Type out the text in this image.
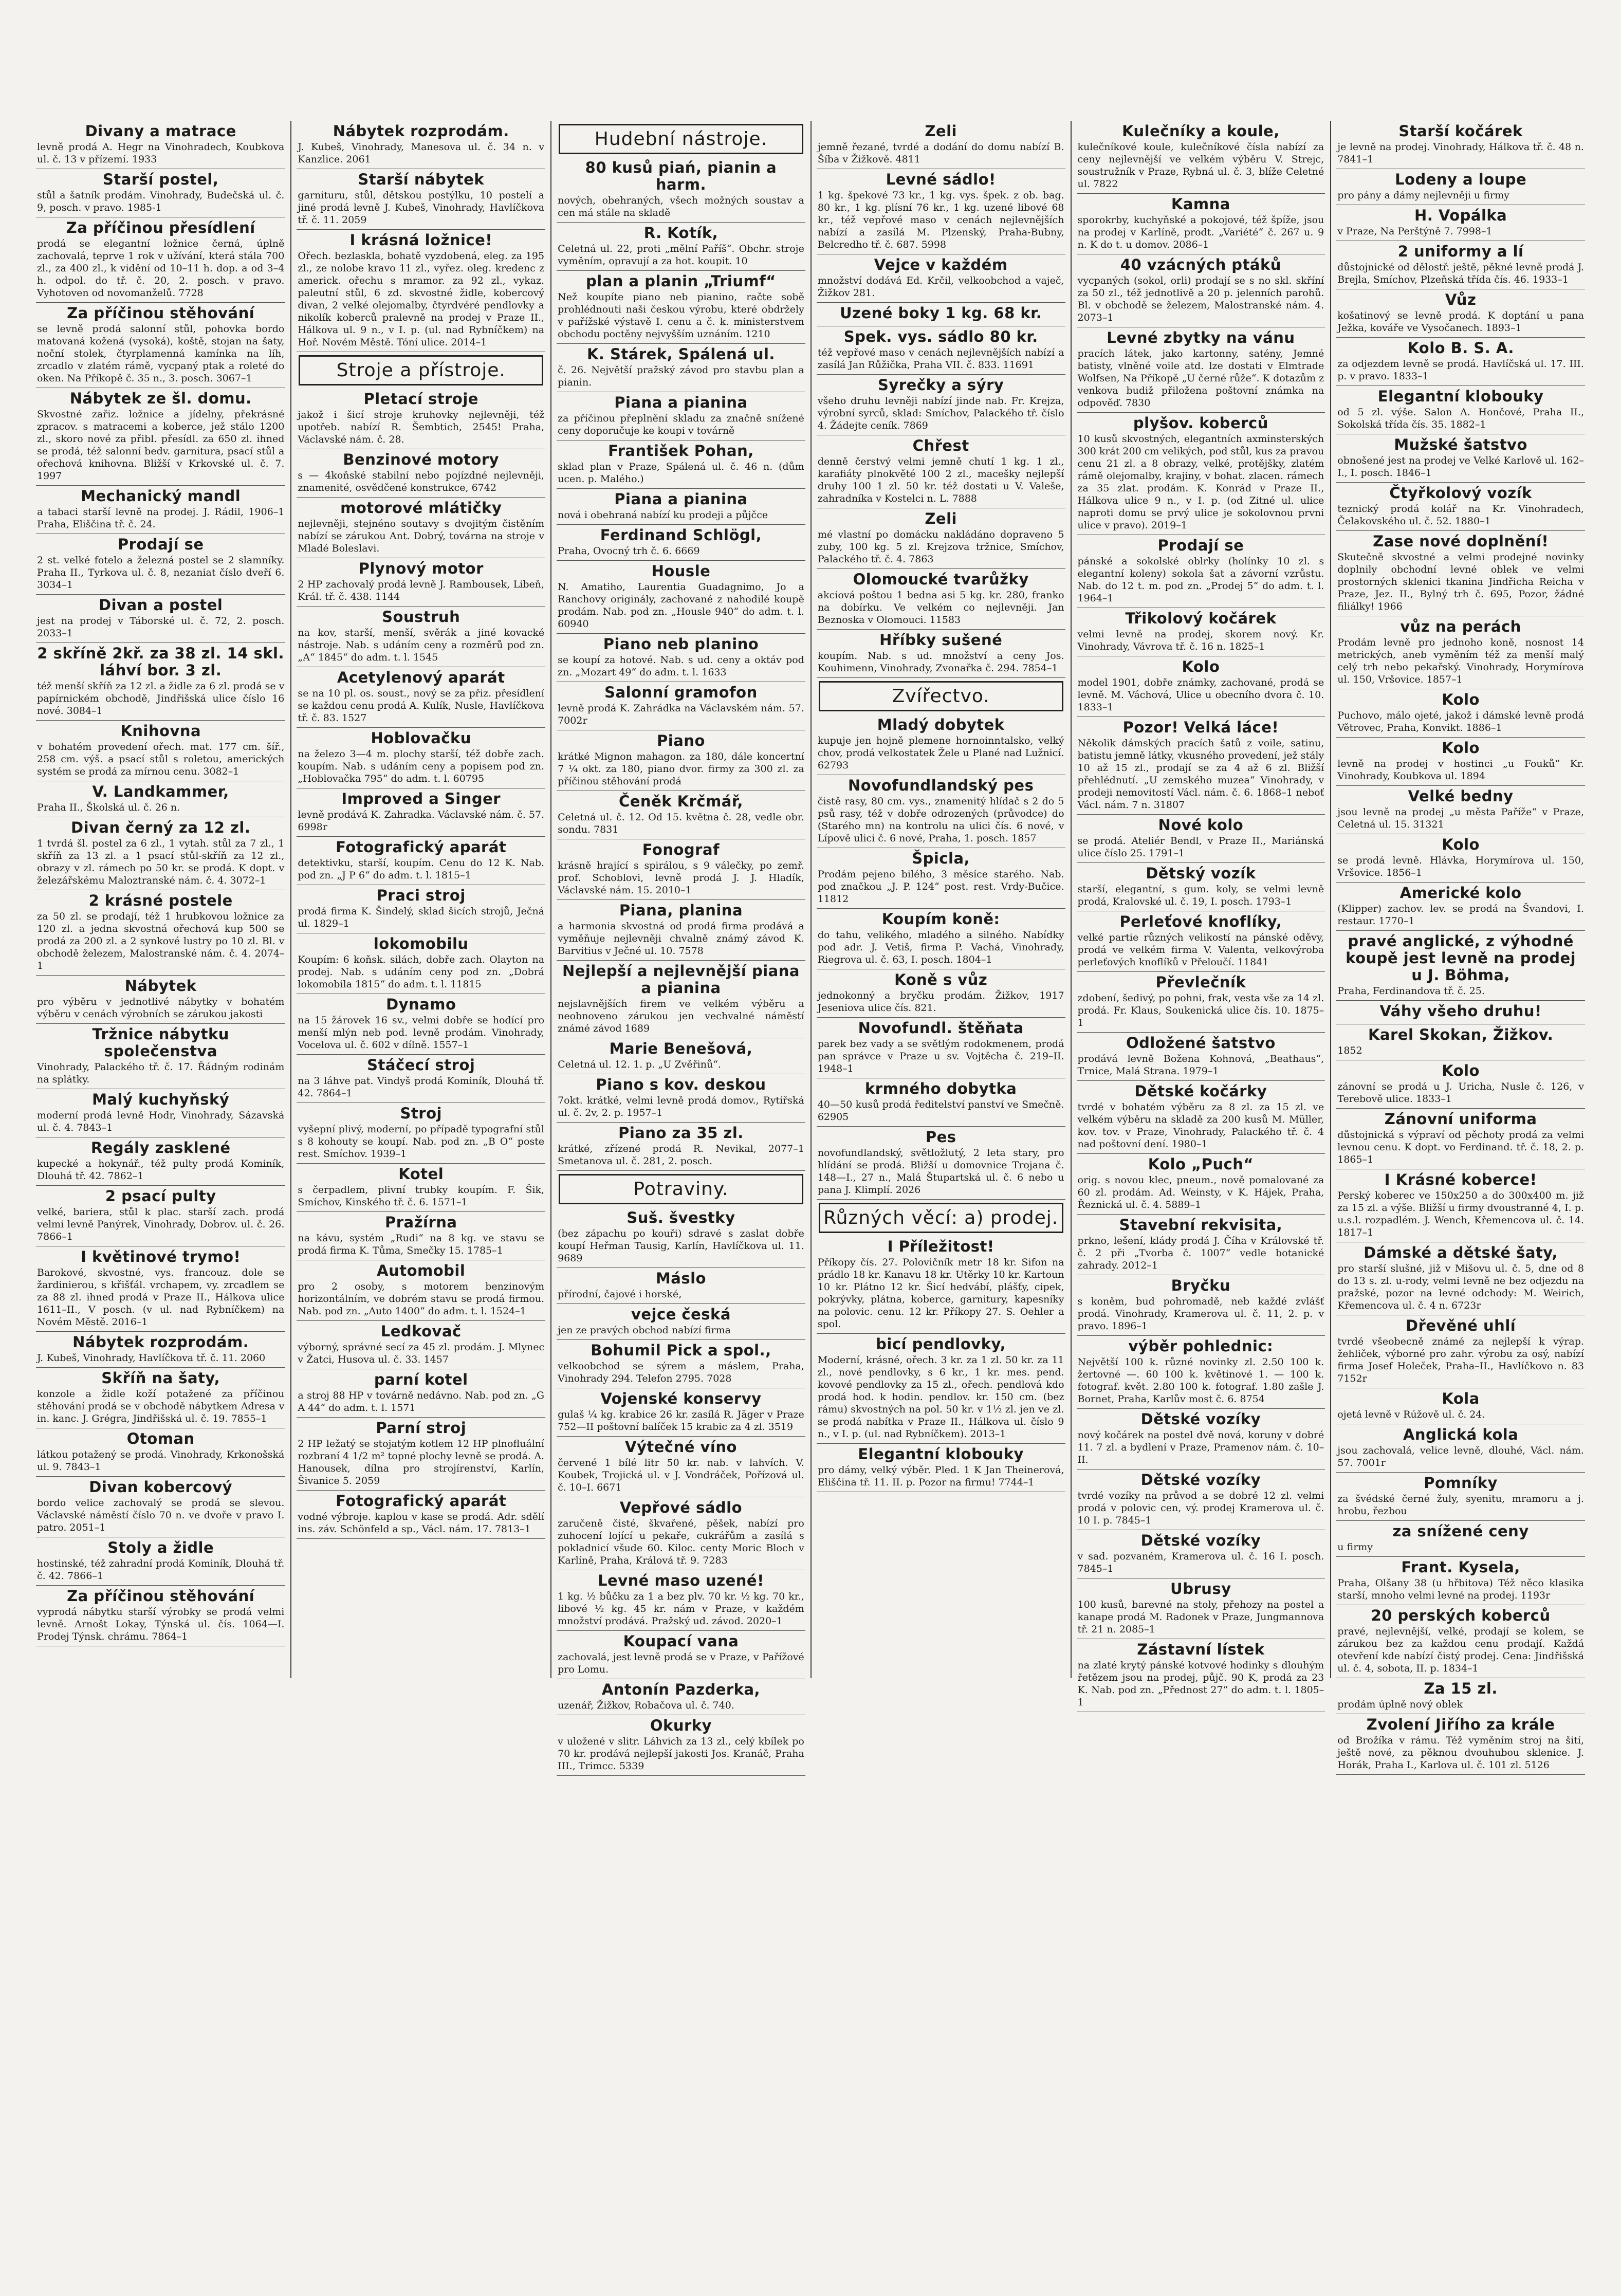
Divany a matrace
levně prodá A. Hegr na Vinohradech, Koubkova ul. č. 13 v přízemí. 1933
Starší postel,
stůl a šatník prodám. Vinohrady, Budečská ul. č. 9, posch. v pravo. 1985-1
Za příčinou přesídlení
prodá se elegantní ložnice černá, úplně zachovalá, teprve 1 rok v užívání, která stála 700 zl., za 400 zl., k vidění od 10–11 h. dop. a od 3–4 h. odpol. do tř. č. 20, 2. posch. v pravo. Vyhotoven od novomanželů. 7728
Za příčinou stěhování
se levně prodá salonní stůl, pohovka bordo matovaná kožená (vysoká), koště, stojan na šaty, noční stolek, čtyrplamenná kamínka na líh, zrcadlo v zlatém rámě, vycpaný ptak a roleté do oken. Na Příkopě č. 35 n., 3. posch. 3067–1
Nábytek ze šl. domu.
Skvostné zařiz. ložnice a jídelny, překrásné zpracov. s matracemi a koberce, jež stálo 1200 zl., skoro nové za přibl. přesídl. za 650 zl. ihned se prodá, též salonní bedv. garnitura, psací stůl a ořechová knihovna. Bližší v Krkovské ul. č. 7. 1997
Mechanický mandl
a tabaci starší levně na prodej. J. Rádil, 1906–1 Praha, Eliščina tř. č. 24.
Prodají se
2 st. velké fotelo a železná postel se 2 slamníky. Praha II., Tyrkova ul. č. 8, nezaniat číslo dveří 6. 3034–1
Divan a postel
jest na prodej v Táborské ul. č. 72, 2. posch. 2033–1
2 skříně 2kř. za 38 zl. 14 skl. láhví bor. 3 zl.
též menší skříň za 12 zl. a židle za 6 zl. prodá se v papírnickém obchodě, Jindřišská ulice číslo 16 nové. 3084–1
Knihovna
v bohatém provedení ořech. mat. 177 cm. šíř., 258 cm. výš. a psací stůl s roletou, amerických systém se prodá za mírnou cenu. 3082–1
V. Landkammer,
Praha II., Školská ul. č. 26 n.
Divan černý za 12 zl.
1 tvrdá šl. postel za 6 zl., 1 vytah. stůl za 7 zl., 1 skříň za 13 zl. a 1 psací stůl-skříň za 12 zl., obrazy v zl. rámech po 50 kr. se prodá. K dopt. v železářskému Maloztranské nám. č. 4. 3072–1
2 krásné postele
za 50 zl. se prodají, též 1 hrubkovou ložnice za 120 zl. a jedna skvostná ořechová kup 500 se prodá za 200 zl. a 2 synkové lustry po 10 zl. Bl. v obchodě železem, Malostranské nám. č. 4. 2074–1
Nábytek
pro výběru v jednotlivé nábytky v bohatém výběru v cenách výrobních se zárukou jakosti
Tržnice nábytku společenstva
Vinohrady, Palackého tř. č. 17. Řádným rodinám na splátky.
Malý kuchyňský
moderní prodá levně Hodr, Vinohrady, Sázavská ul. č. 4. 7843–1
Regály zasklené
kupecké a hokynář., též pulty prodá Kominík, Dlouhá tř. 42. 7862–1
2 psací pulty
velké, bariera, stůl k plac. starší zach. prodá velmi levně Panýrek, Vinohrady, Dobrov. ul. č. 26. 7866–1
I květinové trymo!
Barokové, skvostné, vys. francouz. dole se žardinierou, s křišťál. vrchapem, vy. zrcadlem se za 88 zl. ihned prodá v Praze II., Hálkova ulice 1611–II., V posch. (v ul. nad Rybníčkem) na Novém Městě. 2016–1
Nábytek rozprodám.
J. Kubeš, Vinohrady, Havlíčkova tř. č. 11. 2060
Skříň na šaty,
konzole a židle koží potažené za příčinou stěhování prodá se v obchodě nábytkem Adresa v in. kanc. J. Grégra, Jindřišská ul. č. 19. 7855–1
Otoman
látkou potažený se prodá. Vinohrady, Krkonošská ul. 9. 7843–1
Divan kobercový
bordo velice zachovalý se prodá se slevou. Václavské náměstí číslo 70 n. ve dvoře v pravo I. patro. 2051–1
Stoly a židle
hostinské, též zahradní prodá Kominík, Dlouhá tř. č. 42. 7866–1
Za příčinou stěhování
vyprodá nábytku starší výrobky se prodá velmi levně. Arnošt Lokay, Týnská ul. čís. 1064—I. Prodej Týnsk. chrámu. 7864–1
Nábytek rozprodám.
J. Kubeš, Vinohrady, Manesova ul. č. 34 n. v Kanzlice. 2061
Starší nábytek
garnituru, stůl, dětskou postýlku, 10 postelí a jiné prodá levně J. Kubeš, Vinohrady, Havlíčkova tř. č. 11. 2059
I krásná ložnice!
Ořech. bezlaskla, bohatě vyzdobená, eleg. za 195 zl., ze nolobe kravo 11 zl., vyřez. oleg. kredenc z americk. ořechu s mramor. za 92 zl., vykaz. paleutní stůl, 6 zd. skvostné židle, kobercový divan, 2 velké olejomalby, čtyrdvéré pendlovky a nikolík koberců pralevně na prodej v Praze II., Hálkova ul. 9 n., v I. p. (ul. nad Rybníčkem) na Hoř. Novém Městě. Tóní ulice. 2014–1
Stroje a přístroje.
Pletací stroje
jakož i šicí stroje kruhovky nejlevněji, též upotřeb. nabízí R. Šembtich, 2545! Praha, Václavské nám. č. 28.
Benzinové motory
s — 4koňské stabilní nebo pojízdné nejlevněji, znamenité, osvědčené konstrukce, 6742
motorové mlátičky
nejlevněji, stejnéno soutavy s dvojitým čistěním nabízí se zárukou Ant. Dobrý, továrna na stroje v Mladé Boleslavi.
Plynový motor
2 HP zachovalý prodá levně J. Rambousek, Libeň, Král. tř. č. 438. 1144
Soustruh
na kov, starší, menší, svěrák a jiné kovacké nástroje. Nab. s udáním ceny a rozměrů pod zn. „A“ 1845“ do adm. t. l. 1545
Acetylenový aparát
se na 10 pl. os. soust., nový se za přiz. přesídlení se každou cenu prodá A. Kulík, Nusle, Havlíčkova tř. č. 83. 1527
Hoblovačku
na železo 3—4 m. plochy starší, též dobře zach. koupím. Nab. s udáním ceny a popisem pod zn. „Hoblovačka 795“ do adm. t. l. 60795
Improved a Singer
levně prodává K. Zahradka. Václavské nám. č. 57. 6998r
Fotografický aparát
detektivku, starší, koupím. Cenu do 12 K. Nab. pod zn. „J P 6“ do adm. t. l. 1815–1
Praci stroj
prodá firma K. Šindelý, sklad šicích strojů, Ječná ul. 1829–1
lokomobilu
Koupím: 6 koňsk. silách, dobře zach. Olayton na prodej. Nab. s udáním ceny pod zn. „Dobrá lokomobila 1815“ do adm. t. l. 11815
Dynamo
na 15 žárovek 16 sv., velmi dobře se hodící pro menší mlýn neb pod. levně prodám. Vinohrady, Vocelova ul. č. 602 v dílně. 1557–1
Stáčecí stroj
na 3 láhve pat. Vindyš prodá Kominík, Dlouhá tř. 42. 7864–1
Stroj
vyšepní plivý, moderní, po případě typografní stůl s 8 kohouty se koupí. Nab. pod zn. „B O“ poste rest. Smíchov. 1939–1
Kotel
s čerpadlem, plivní trubky koupím. F. Šik, Smíchov, Kinského tř. č. 6. 1571–1
Pražírna
na kávu, systém „Rudi“ na 8 kg. ve stavu se prodá firma K. Tůma, Smečky 15. 1785–1
Automobil
pro 2 osoby, s motorem benzinovým horizontálním, ve dobrém stavu se prodá firmou. Nab. pod zn. „Auto 1400“ do adm. t. l. 1524–1
Ledkovač
výborný, správné secí za 45 zl. prodám. J. Mlynec v Žatci, Husova ul. č. 33. 1457
parní kotel
a stroj 88 HP v továrně nedávno. Nab. pod zn. „G A 44“ do adm. t. l. 1571
Parní stroj
2 HP ležatý se stojatým kotlem 12 HP plnofluální rozbraní 4 1/2 m² topné plochy levně se prodá. A. Hanousek, dílna pro strojírenství, Karlín, Šivanice 5. 2059
Fotografický aparát
vodné výbroje. kaplou v kase se prodá. Adr. sdělí ins. záv. Schönfeld a sp., Václ. nám. 17. 7813–1
Hudební nástroje.
80 kusů piań, pianin a harm.
nových, obehraných, všech možných soustav a cen má stále na skladě
R. Kotík,
Celetná ul. 22, proti „mělní Paříš“. Obchr. stroje vyměním, opravují a za hot. koupit. 10
plan a planin „Triumf“
Než koupíte piano neb pianino, račte sobě prohlédnouti naši českou výrobu, které obdržely v pařížské výstavě I. cenu a č. k. ministerstvem obchodu poctěny nejvyšším uznáním. 1210
K. Stárek, Spálená ul.
č. 26. Největší pražský závod pro stavbu plan a pianin.
Piana a pianina
za příčinou přeplnění skladu za značně snížené ceny doporučuje ke koupi v továrně
František Pohan,
sklad plan v Praze, Spálená ul. č. 46 n. (dům ucen. p. Malého.)
Piana a pianina
nová i obehraná nabízí ku prodeji a půjčce
Ferdinand Schlögl,
Praha, Ovocný trh č. 6. 6669
Housle
N. Amatiho, Laurentia Guadagnimo, Jo a Ranchovy originály, zachované z nahodilé koupě prodám. Nab. pod zn. „Housle 940“ do adm. t. l. 60940
Piano neb planino
se koupí za hotové. Nab. s ud. ceny a oktáv pod zn. „Mozart 49“ do adm. t. l. 1633
Salonní gramofon
levně prodá K. Zahrádka na Václavském nám. 57. 7002r
Piano
krátké Mignon mahagon. za 180, dále koncertní 7 ¼ okt. za 180, piano dvor. firmy za 300 zl. za příčinou stěhování prodá
Čeněk Krčmář,
Celetná ul. č. 12. Od 15. května č. 28, vedle obr. sondu. 7831
Fonograf
krásně hrající s spirálou, s 9 válečky, po zemř. prof. Schoblovi, levně prodá J. J. Hladík, Václavské nám. 15. 2010–1
Piana, planina
a harmonia skvostná od prodá firma prodává a vyměňuje nejlevněji chvalně známý závod K. Barvitius v Ječné ul. 10. 7578
Nejlepší a nejlevnější piana a pianina
nejslavnějších firem ve velkém výběru a neobnoveno zárukou jen vechvalné náměstí známé závod 1689
Marie Benešová,
Celetná ul. 12. 1. p. „U Zvěřinů“.
Piano s kov. deskou
7okt. krátké, velmi levně prodá domov., Rytířská ul. č. 2v, 2. p. 1957–1
Piano za 35 zl.
krátké, zřízené prodá R. Nevikal, 2077–1 Smetanova ul. č. 281, 2. posch.
Potraviny.
Suš. švestky
(bez zápachu po kouři) sdravé s zaslat dobře koupí Heřman Tausig, Karlín, Havlíčkova ul. 11. 9689
Máslo
přírodní, čajové i horské,
vejce česká
jen ze pravých obchod nabízí firma
Bohumil Pick a spol.,
velkoobchod se sýrem a máslem, Praha, Vinohrady 294. Telefon 2795. 7028
Vojenské konservy
gulaš ¼ kg. krabice 26 kr. zasílá R. Jäger v Praze 752—II poštovní balíček 15 krabic za 4 zl. 3519
Výtečné víno
červené 1 bílé litr 50 kr. nab. v lahvích. V. Koubek, Trojická ul. v J. Vondráček, Pořízová ul. č. 10–I. 6671
Vepřové sádlo
zaručeně čisté, škvařené, pěšek, nabízí pro zuhocení lojící u pekaře, cukrářům a zasílá s pokladnicí všude 60. Kiloc. centy Moric Bloch v Karlíně, Praha, Králová tř. 9. 7283
Levné maso uzené!
1 kg. ½ bůčku za 1 a bez plv. 70 kr. ½ kg. 70 kr., libové ½ kg. 45 kr. nám v Praze, v každém množství prodává. Pražský ud. závod. 2020–1
Koupací vana
zachovalá, jest levně prodá se v Praze, v Pařížové pro Lomu.
Antonín Pazderka,
uzenář, Žižkov, Robačova ul. č. 740.
Okurky
v uložené v slitr. Láhvich za 13 zl., celý kbílek po 70 kr. prodává nejlepší jakosti Jos. Kranáč, Praha III., Trimcc. 5339
Zeli
jemně řezané, tvrdé a dodání do domu nabízí B. Šíba v Žižkově. 4811
Levné sádlo!
1 kg. špekové 73 kr., 1 kg. vys. špek. z ob. bag. 80 kr., 1 kg. plísní 76 kr., 1 kg. uzené libové 68 kr., též vepřové maso v cenách nejlevnějších nabízí a zasílá M. Plzenský, Praha-Bubny, Belcredho tř. č. 687. 5998
Vejce v každém
množství dodává Ed. Krčil, velkoobchod a vaječ, Žižkov 281.
Uzené boky 1 kg. 68 kr.
Spek. vys. sádlo 80 kr.
též vepřové maso v cenách nejlevnějších nabízí a zasílá Jan Růžička, Praha VII. č. 833. 11691
Syrečky a sýry
všeho druhu levněji nabízí jinde nab. Fr. Krejza, výrobní syrců, sklad: Smíchov, Palackého tř. číslo 4. Žádejte ceník. 7869
Chřest
denně čerstvý velmi jemně chutí 1 kg. 1 zl., karafiáty plnokvěté 100 2 zl., macešky nejlepší druhy 100 1 zl. 50 kr. též dostati u V. Valeše, zahradníka v Kostelci n. L. 7888
Zeli
mé vlastní po domácku nakládáno dopraveno 5 zuby, 100 kg. 5 zl. Krejzova tržnice, Smíchov, Palackého tř. č. 4. 7863
Olomoucké tvarůžky
akciová poštou 1 bedna asi 5 kg. kr. 280, franko na dobírku. Ve velkém co nejlevněji. Jan Beznoska v Olomouci. 11583
Hříbky sušené
koupím. Nab. s ud. množství a ceny Jos. Kouhimenn, Vinohrady, Zvonařka č. 294. 7854–1
Zvířectvo.
Mladý dobytek
kupuje jen hojně plemene hornoinntalsko, velký chov, prodá velkostatek Žele u Plané nad Lužnicí. 62793
Novofundlandský pes
čistě rasy, 80 cm. vys., znamenitý hlídač s 2 do 5 psů rasy, též v dobře odrozených (průvodce) do (Starého mn) na kontrolu na ulici čís. 6 nové, v Lípově ulici č. 6 nové, Praha, 1. posch. 1857
Špicla,
Prodám pejeno bilého, 3 měsíce starého. Nab. pod značkou „J. P. 124“ post. rest. Vrdy-Bučice. 11812
Koupím koně:
do tahu, velikého, mladého a silného. Nabídky pod adr. J. Vetiš, firma P. Vachá, Vinohrady, Riegrova ul. č. 63, I. posch. 1804–1
Koně s vůz
jednokonný a bryčku prodám. Žižkov, 1917 Jeseniova ulice čís. 821.
Novofundl. štěňata
parek bez vady a se světlým rodokmenem, prodá pan správce v Praze u sv. Vojtěcha č. 219–II. 1948–1
krmného dobytka
40—50 kusů prodá ředitelství panství ve Smečně. 62905
Pes
novofundlandský, světložlutý, 2 leta stary, pro hlídání se prodá. Bližší u domovnice Trojana č. 148—I., 27 n., Malá Štupartská ul. č. 6 nebo u pana J. Klimplí. 2026
Různých věcí: a) prodej.
I Příležitost!
Příkopy čís. 27. Polovičník metr 18 kr. Sifon na prádlo 18 kr. Kanavu 18 kr. Utěrky 10 kr. Kartoun 10 kr. Plátno 12 kr. Šicí hedvábí, plášťy, cipek, pokrývky, plátna, koberce, garnitury, kapesníky na polovic. cenu. 12 kr. Příkopy 27. S. Oehler a spol.
bicí pendlovky,
Moderní, krásné, ořech. 3 kr. za 1 zl. 50 kr. za 11 zl., nové pendlovky, s 6 kr., 1 kr. mes. pend. kovové pendlovky za 15 zl., ořech. pendlová kdo prodá hod. k hodin. pendlov. kr. 150 cm. (bez rámu) skvostných na pol. 50 kr. v 1½ zl. jen ve zl. se prodá nabítka v Praze II., Hálkova ul. číslo 9 n., v I. p. (ul. nad Rybníčkem). 2013–1
Elegantní klobouky
pro dámy, velký výběr. Pled. 1 K Jan Theinerová, Eliščina tř. 11. II. p. Pozor na firmu! 7744–1
Kulečníky a koule,
kulečníkové koule, kulečníkové čísla nabízí za ceny nejlevnější ve velkém výběru V. Strejc, soustružník v Praze, Rybná ul. č. 3, blíže Celetné ul. 7822
Kamna
sporokrby, kuchyňské a pokojové, též špíže, jsou na prodej v Karlíně, prodt. „Variété“ č. 267 u. 9 n. K do t. u domov. 2086–1
40 vzácných ptáků
vycpaných (sokol, orli) prodají se s no skl. skříní za 50 zl., též jednotlivě a 20 p. jelenních parohů. Bl. v obchodě se železem, Malostranské nám. 4. 2073–1
Levné zbytky na vánu
pracích látek, jako kartonny, satény, Jemné batisty, vlněné voile atd. lze dostati v Elmtrade Wolfsen, Na Příkopě „U černé růže“. K dotazům z venkova budiž přiložena poštovní známka na odpověď. 7830
plyšov. koberců
10 kusů skvostných, elegantních axminsterských 300 krát 200 cm velikých, pod stůl, kus za pravou cenu 21 zl. a 8 obrazy, velké, protějšky, zlatém rámě olejomalby, krajiny, v bohat. zlacen. rámech za 35 zlat. prodám. K. Konrád v Praze II., Hálkova ulice 9 n., v I. p. (od Zitné ul. ulice naproti domu se prvý ulice je sokolovnou prvni ulice v pravo). 2019–1
Prodají se
pánské a sokolské oblrky (holínky 10 zl. s elegantní koleny) sokola šat a závorní vzrůstu. Nab. do 12 t. m. pod zn. „Prodej 5“ do adm. t. l. 1964–1
Třikolový kočárek
velmi levně na prodej, skorem nový. Kr. Vinohrady, Vávrova tř. č. 16 n. 1825–1
Kolo
model 1901, dobře známky, zachované, prodá se levně. M. Váchová, Ulice u obecního dvora č. 10. 1833–1
Pozor! Velká láce!
Několik dámských pracích šatů z voile, satinu, batistu jemně látky, vkusného provedení, jež stály 10 až 15 zl., prodají se za 4 až 6 zl. Bližší přehlédnutí. „U zemského muzea“ Vinohrady, v prodeji nemovitostí Václ. nám. č. 6. 1868–1 neboť Václ. nám. 7 n. 31807
Nové kolo
se prodá. Ateliér Bendl, v Praze II., Mariánská ulice číslo 25. 1791–1
Dětský vozík
starší, elegantní, s gum. koly, se velmi levně prodá, Kralovské ul. č. 19, I. posch. 1793–1
Perleťové knoflíky,
velké partie různých velikostí na pánské oděvy, prodá ve velkém firma V. Valenta, velkovýroba perleťových knoflíků v Přeloučí. 11841
Převlečník
zdobení, šedivý, po pohni, frak, vesta vše za 14 zl. prodá. Fr. Klaus, Soukenická ulice čís. 10. 1875–1
Odložené šatstvo
prodává levně Božena Kohnová, „Beathaus“, Trnice, Malá Strana. 1979–1
Dětské kočárky
tvrdé v bohatém výběru za 8 zl. za 15 zl. ve velkém výběru na skladě za 200 kusů M. Müller, kov. tov. v Praze, Vinohrady, Palackého tř. č. 4 nad poštovní dení. 1980–1
Kolo „Puch“
orig. s novou klec, pneum., nově pomalované za 60 zl. prodám. Ad. Weinsty, v K. Hájek, Praha, Řeznická ul. č. 4. 5889–1
Stavební rekvisita,
prkno, lešení, klády prodá J. Číha v Královské tř. č. 2 při „Tvorba č. 1007“ vedle botanické zahrady. 2012–1
Bryčku
s koněm, bud pohromadě, neb každé zvlášť prodá. Vinohrady, Kramerova ul. č. 11, 2. p. v pravo. 1896–1
výběr pohlednic:
Největší 100 k. různé novinky zl. 2.50 100 k. žertovné —. 60 100 k. květinové 1. — 100 k. fotograf. květ. 2.80 100 k. fotograf. 1.80 zašle J. Bornet, Praha, Karlův most č. 6. 8754
Dětské vozíky
nový kočárek na postel dvě nová, koruny v dobré 11. 7 zl. a bydlení v Praze, Pramenov nám. č. 10–II.
Dětské vozíky
tvrdé vozíky na průvod a se dobré 12 zl. velmi prodá v polovic cen, vý. prodej Kramerova ul. č. 10 I. p. 7845–1
Dětské vozíky
v sad. pozvaném, Kramerova ul. č. 16 I. posch. 7845–1
Ubrusy
100 kusů, barevné na stoly, přehozy na postel a kanape prodá M. Radonek v Praze, Jungmannova tř. 21 n. 2085–1
Zástavní lístek
na zlaté krytý pánské kotvové hodinky s dlouhým řetězem jsou na prodej, půjč. 90 K, prodá za 23 K. Nab. pod zn. „Přednost 27“ do adm. t. l. 1805–1
Starší kočárek
je levně na prodej. Vinohrady, Hálkova tř. č. 48 n. 7841–1
Lodeny a loupe
pro pány a dámy nejlevněji u firmy
H. Vopálka
v Praze, Na Perštýně 7. 7998–1
2 uniformy a lí
důstojnické od dělostř. ještě, pěkné levně prodá J. Brejla, Smíchov, Plzeňská třída čís. 46. 1933–1
Vůz
košatinový se levně prodá. K doptání u pana Ježka, kováře ve Vysočanech. 1893–1
Kolo B. S. A.
za odjezdem levně se prodá. Havlíčská ul. 17. III. p. v pravo. 1833–1
Elegantní klobouky
od 5 zl. výše. Salon A. Hončové, Praha II., Sokolská třída čís. 35. 1882–1
Mužské šatstvo
obnošené jest na prodej ve Velké Karlově ul. 162–I., I. posch. 1846–1
Čtyřkolový vozík
teznický prodá kolář na Kr. Vinohradech, Čelakovského ul. č. 52. 1880–1
Zase nové doplnění!
Skutečně skvostné a velmi prodejné novinky doplnily obchodní levné oblek ve velmi prostorných sklenici tkanina Jindřicha Reicha v Praze, Jez. II., Bylný trh č. 695, Pozor, žádné filiálky! 1966
vůz na perách
Prodám levně pro jednoho koně, nosnost 14 metrických, aneb vyměním též za menší malý celý trh nebo pekařský. Vinohrady, Horymírova ul. 150, Vršovice. 1857–1
Kolo
Puchovo, málo ojeté, jakož i dámské levně prodá Větrovec, Praha, Konvikt. 1886–1
Kolo
levně na prodej v hostinci „u Fouků“ Kr. Vinohrady, Koubkova ul. 1894
Velké bedny
jsou levně na prodej „u města Paříže“ v Praze, Celetná ul. 15. 31321
Kolo
se prodá levně. Hlávka, Horymírova ul. 150, Vršovice. 1856–1
Americké kolo
(Klipper) zachov. lev. se prodá na Švandovi, I. restaur. 1770–1
pravé anglické, z výhodné koupě jest levně na prodej u J. Böhma,
Praha, Ferdinandova tř. č. 25.
Váhy všeho druhu!
Karel Skokan, Žižkov.
1852
Kolo
zánovní se prodá u J. Uricha, Nusle č. 126, v Terebově ulice. 1833–1
Zánovní uniforma
důstojnická s výpraví od pěchoty prodá za velmi levnou cenu. K dopt. vo Ferdinand. tř. č. 18, 2. p. 1865–1
I Krásné koberce!
Perský koberec ve 150x250 a do 300x400 m. již za 15 zl. a výše. Bližší u firmy dvoustranné 4, I. p. u.s.l. rozpadlém. J. Wench, Křemencova ul. č. 14. 1817–1
Dámské a dětské šaty,
pro starší slušné, již v Mišovu ul. č. 5, dne od 8 do 13 s. zl. u-rody, velmi levně ne bez odjezdu na pražské, pozor na levné odchody: M. Weirich, Křemencova ul. č. 4 n. 6723r
Dřevěné uhlí
tvrdé všeobecně známé za nejlepší k výrap. žehliček, výborné pro zahr. výrobu za osý, nabízí firma Josef Holeček, Praha–II., Havlíčkovo n. 83 7152r
Kola
ojetá levně v Rúžově ul. č. 24.
Anglická kola
jsou zachovalá, velice levně, dlouhé, Václ. nám. 57. 7001r
Pomníky
za švédské černé žuly, syenitu, mramoru a j. hrobu, řezbou
za snížené ceny
u firmy
Frant. Kysela,
Praha, Olšany 38 (u hřbitova) Též něco klasika starší, mnoho velmi levné na prodej. 1193r
20 perských koberců
pravé, nejlevnější, velké, prodají se kolem, se zárukou bez za každou cenu prodají. Každá otevření kde nabízí čistý prodej. Cena: Jindřišská ul. č. 4, sobota, II. p. 1834–1
Za 15 zl.
prodám úplně nový oblek
Zvolení Jiřího za krále
od Brožíka v rámu. Též vyměním stroj na šití, ještě nové, za pěknou dvouhubou sklenice. J. Horák, Praha I., Karlova ul. č. 101 zl. 5126
